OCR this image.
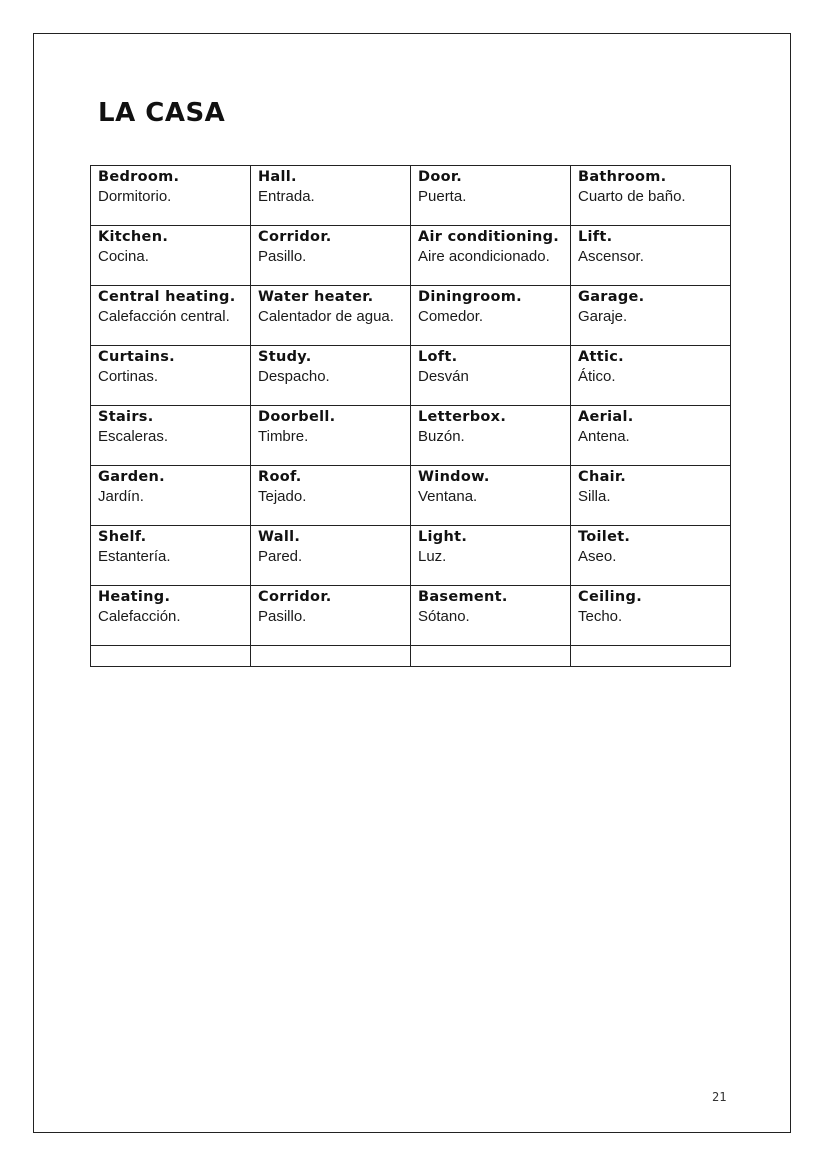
LA CASA
Bedroom.
Dormitorio.	Hall.
Entrada.	Door.
Puerta.	Bathroom.
Cuarto de baño.

Kitchen.
Cocina.	Corridor.
Pasillo.	Air conditioning.
Aire acondicionado.	Lift.
Ascensor.

Central heating.
Calefacción central.	Water heater.
Calentador de agua.	Diningroom.
Comedor.	Garage.
Garaje.

Curtains.
Cortinas.	Study.
Despacho.	Loft.
Desván	Attic.
Ático.

Stairs.
Escaleras.	Doorbell.
Timbre.	Letterbox.
Buzón.	Aerial.
Antena.

Garden.
Jardín.	Roof.
Tejado.	Window.
Ventana.	Chair.
Silla.

Shelf.
Estantería.	Wall.
Pared.	Light.
Luz.	Toilet.
Aseo.

Heating.
Calefacción.	Corridor.
Pasillo.	Basement.
Sótano.	Ceiling.
Techo.

21
